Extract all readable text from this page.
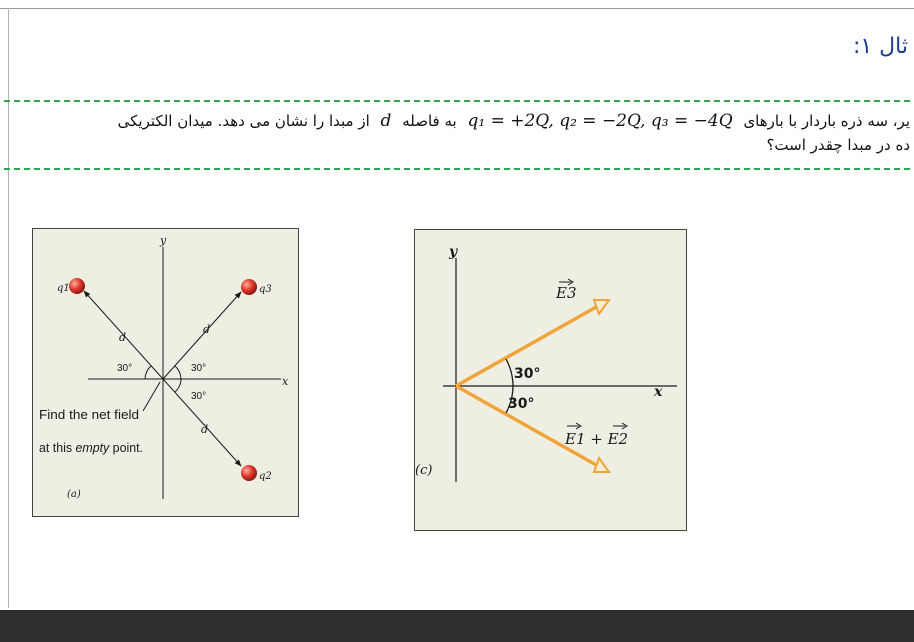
ثال ۱:
یر، سه ذره باردار با بارهای q₁ = +2Q, q₂ = −2Q, q₃ = −4Q به فاصله d از مبدا را نشان می دهد. میدان الکتریکی
ده در مبدا چقدر است؟
y
x
30°	30°
30°
d
d
d
q1	q3
q2
Find the net field
at this empty point.
(a)
y
x
30°
30°
E3
E1 + E2
(c)
